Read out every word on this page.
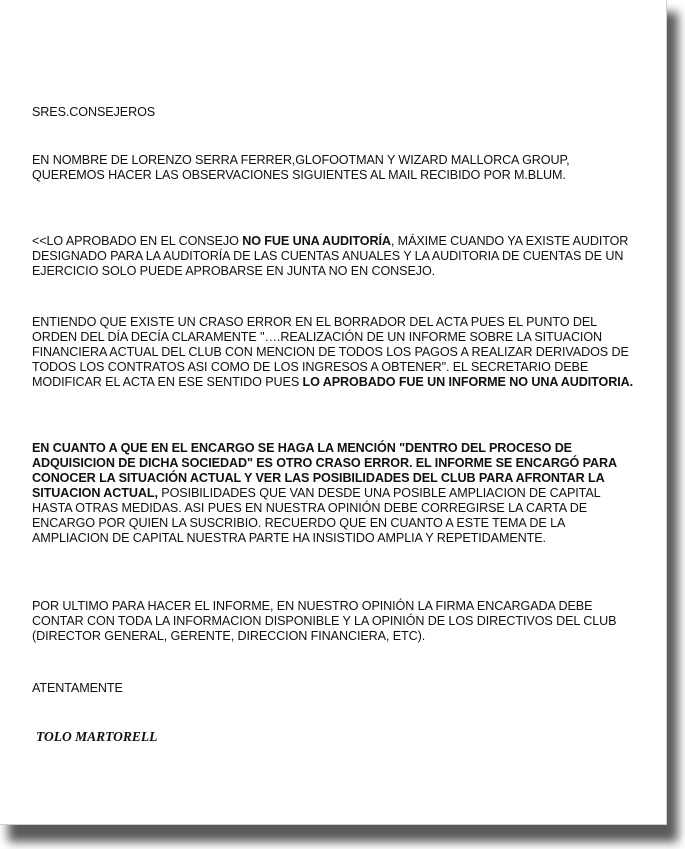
SRES.CONSEJEROS

EN NOMBRE DE LORENZO SERRA FERRER,GLOFOOTMAN Y WIZARD MALLORCA GROUP, QUEREMOS HACER LAS OBSERVACIONES SIGUIENTES AL MAIL RECIBIDO POR M.BLUM.

<<LO APROBADO EN EL CONSEJO NO FUE UNA AUDITORÍA, MÁXIME CUANDO YA EXISTE AUDITOR DESIGNADO PARA LA AUDITORÍA DE LAS CUENTAS ANUALES Y LA AUDITORIA DE CUENTAS DE UN EJERCICIO SOLO PUEDE APROBARSE EN JUNTA NO EN CONSEJO.

ENTIENDO QUE EXISTE UN CRASO ERROR EN EL BORRADOR DEL ACTA PUES EL PUNTO DEL ORDEN DEL DÍA DECÍA CLARAMENTE "….REALIZACIÓN DE UN INFORME SOBRE LA SITUACION FINANCIERA ACTUAL DEL CLUB CON MENCION DE TODOS LOS PAGOS A REALIZAR DERIVADOS DE TODOS LOS CONTRATOS ASI COMO DE LOS INGRESOS A OBTENER". EL SECRETARIO DEBE MODIFICAR EL ACTA EN ESE SENTIDO PUES LO APROBADO FUE UN INFORME NO UNA AUDITORIA.

EN CUANTO A QUE EN EL ENCARGO SE HAGA LA MENCIÓN "DENTRO DEL PROCESO DE ADQUISICION DE DICHA SOCIEDAD" ES OTRO CRASO ERROR. EL INFORME SE ENCARGÓ PARA CONOCER LA SITUACIÓN ACTUAL Y VER LAS POSIBILIDADES DEL CLUB PARA AFRONTAR LA SITUACION ACTUAL, POSIBILIDADES QUE VAN DESDE UNA POSIBLE AMPLIACION DE CAPITAL HASTA OTRAS MEDIDAS. ASI PUES EN NUESTRA OPINIÓN DEBE CORREGIRSE LA CARTA DE ENCARGO POR QUIEN LA SUSCRIBIO. RECUERDO QUE EN CUANTO A ESTE TEMA DE LA AMPLIACION DE CAPITAL NUESTRA PARTE HA INSISTIDO AMPLIA Y REPETIDAMENTE.

POR ULTIMO PARA HACER EL INFORME, EN NUESTRO OPINIÓN LA FIRMA ENCARGADA DEBE CONTAR CON TODA LA INFORMACION DISPONIBLE Y LA OPINIÓN DE LOS DIRECTIVOS DEL CLUB (DIRECTOR GENERAL, GERENTE, DIRECCION FINANCIERA, ETC).

ATENTAMENTE

TOLO MARTORELL
